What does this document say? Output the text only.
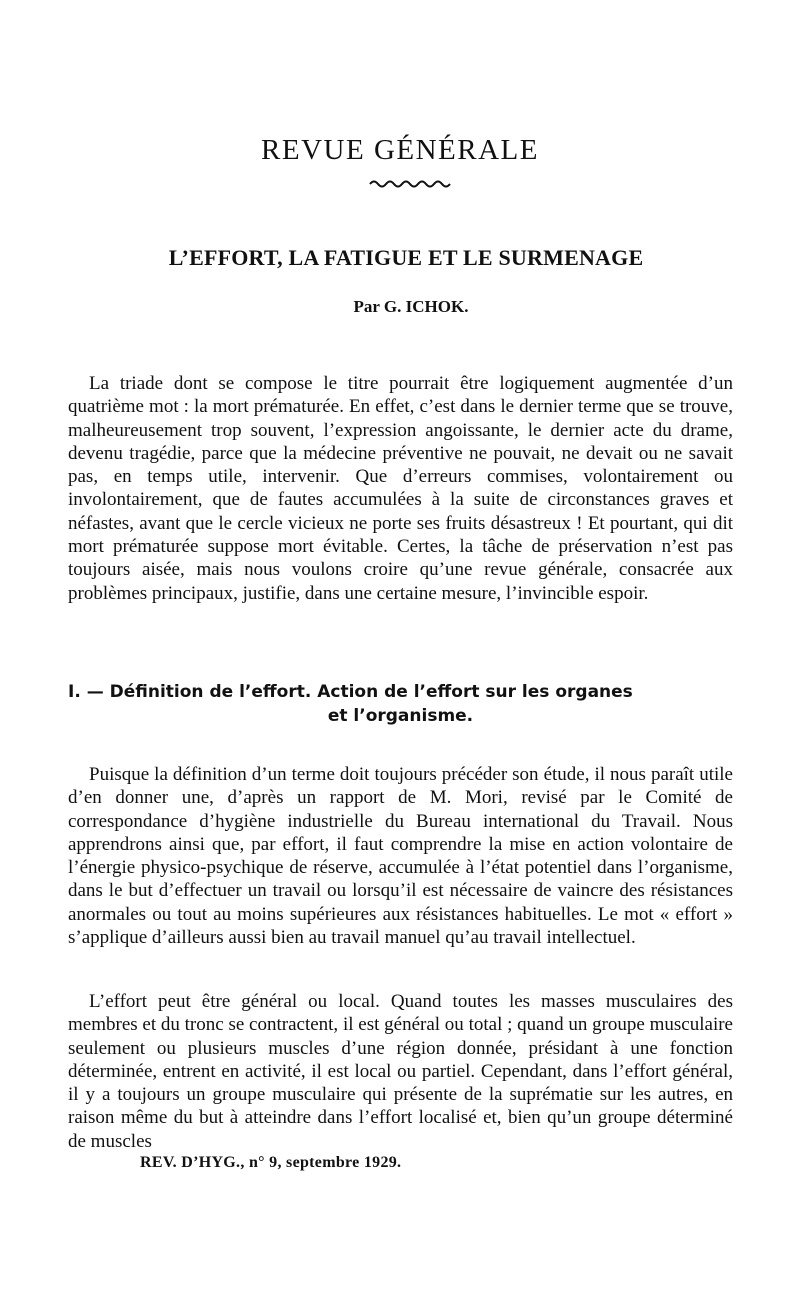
REVUE GÉNÉRALE
L’EFFORT, LA FATIGUE ET LE SURMENAGE
Par G. ICHOK.

La triade dont se compose le titre pourrait être logiquement augmentée d’un quatrième mot : la mort prématurée. En effet, c’est dans le dernier terme que se trouve, malheureusement trop souvent, l’expression angoissante, le dernier acte du drame, devenu tragédie, parce que la médecine préventive ne pouvait, ne devait ou ne savait pas, en temps utile, intervenir. Que d’erreurs commises, volontairement ou involontairement, que de fautes accumulées à la suite de circonstances graves et néfastes, avant que le cercle vicieux ne porte ses fruits désastreux ! Et pourtant, qui dit mort prématurée suppose mort évitable. Certes, la tâche de préservation n’est pas toujours aisée, mais nous voulons croire qu’une revue générale, consacrée aux problèmes principaux, justifie, dans une certaine mesure, l’invincible espoir.

I. — Définition de l’effort. Action de l’effort sur les organes
et l’organisme.

Puisque la définition d’un terme doit toujours précéder son étude, il nous paraît utile d’en donner une, d’après un rapport de M. Mori, revisé par le Comité de correspondance d’hygiène industrielle du Bureau international du Travail. Nous apprendrons ainsi que, par effort, il faut comprendre la mise en action volontaire de l’énergie physico-psychique de réserve, accumulée à l’état potentiel dans l’organisme, dans le but d’effectuer un travail ou lorsqu’il est nécessaire de vaincre des résistances anormales ou tout au moins supérieures aux résistances habituelles. Le mot « effort » s’applique d’ailleurs aussi bien au travail manuel qu’au travail intellectuel.

L’effort peut être général ou local. Quand toutes les masses musculaires des membres et du tronc se contractent, il est général ou total ; quand un groupe musculaire seulement ou plusieurs muscles d’une région donnée, présidant à une fonction déterminée, entrent en activité, il est local ou partiel. Cependant, dans l’effort général, il y a toujours un groupe musculaire qui présente de la suprématie sur les autres, en raison même du but à atteindre dans l’effort localisé et, bien qu’un groupe déterminé de muscles

REV. D’HYG., n° 9, septembre 1929.
